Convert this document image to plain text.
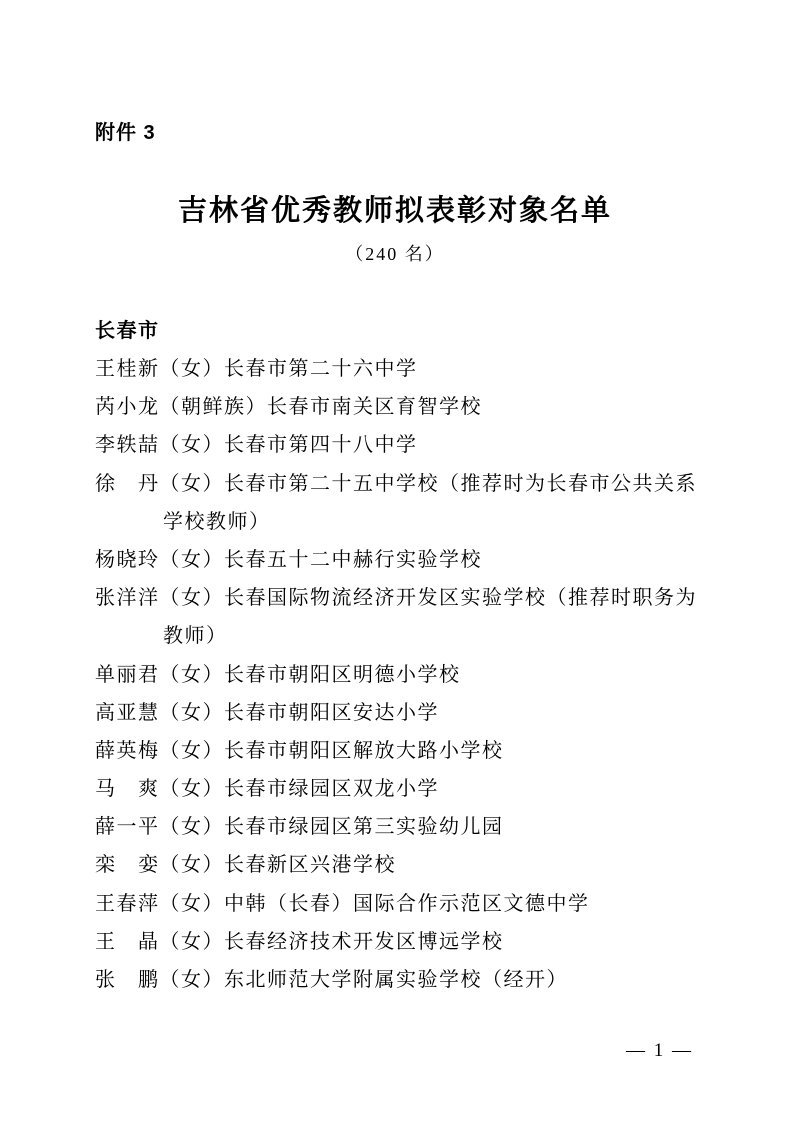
附件 3
吉林省优秀教师拟表彰对象名单
（240 名）
长春市
王桂新（女）长春市第二十六中学
芮小龙（朝鲜族）长春市南关区育智学校
李轶喆（女）长春市第四十八中学
徐　丹（女）长春市第二十五中学校（推荐时为长春市公共关系
学校教师）
杨晓玲（女）长春五十二中赫行实验学校
张洋洋（女）长春国际物流经济开发区实验学校（推荐时职务为
教师）
单丽君（女）长春市朝阳区明德小学校
高亚慧（女）长春市朝阳区安达小学
薛英梅（女）长春市朝阳区解放大路小学校
马　爽（女）长春市绿园区双龙小学
薛一平（女）长春市绿园区第三实验幼儿园
栾　娈（女）长春新区兴港学校
王春萍（女）中韩（长春）国际合作示范区文德中学
王　晶（女）长春经济技术开发区博远学校
张　鹏（女）东北师范大学附属实验学校（经开）
— 1 —
